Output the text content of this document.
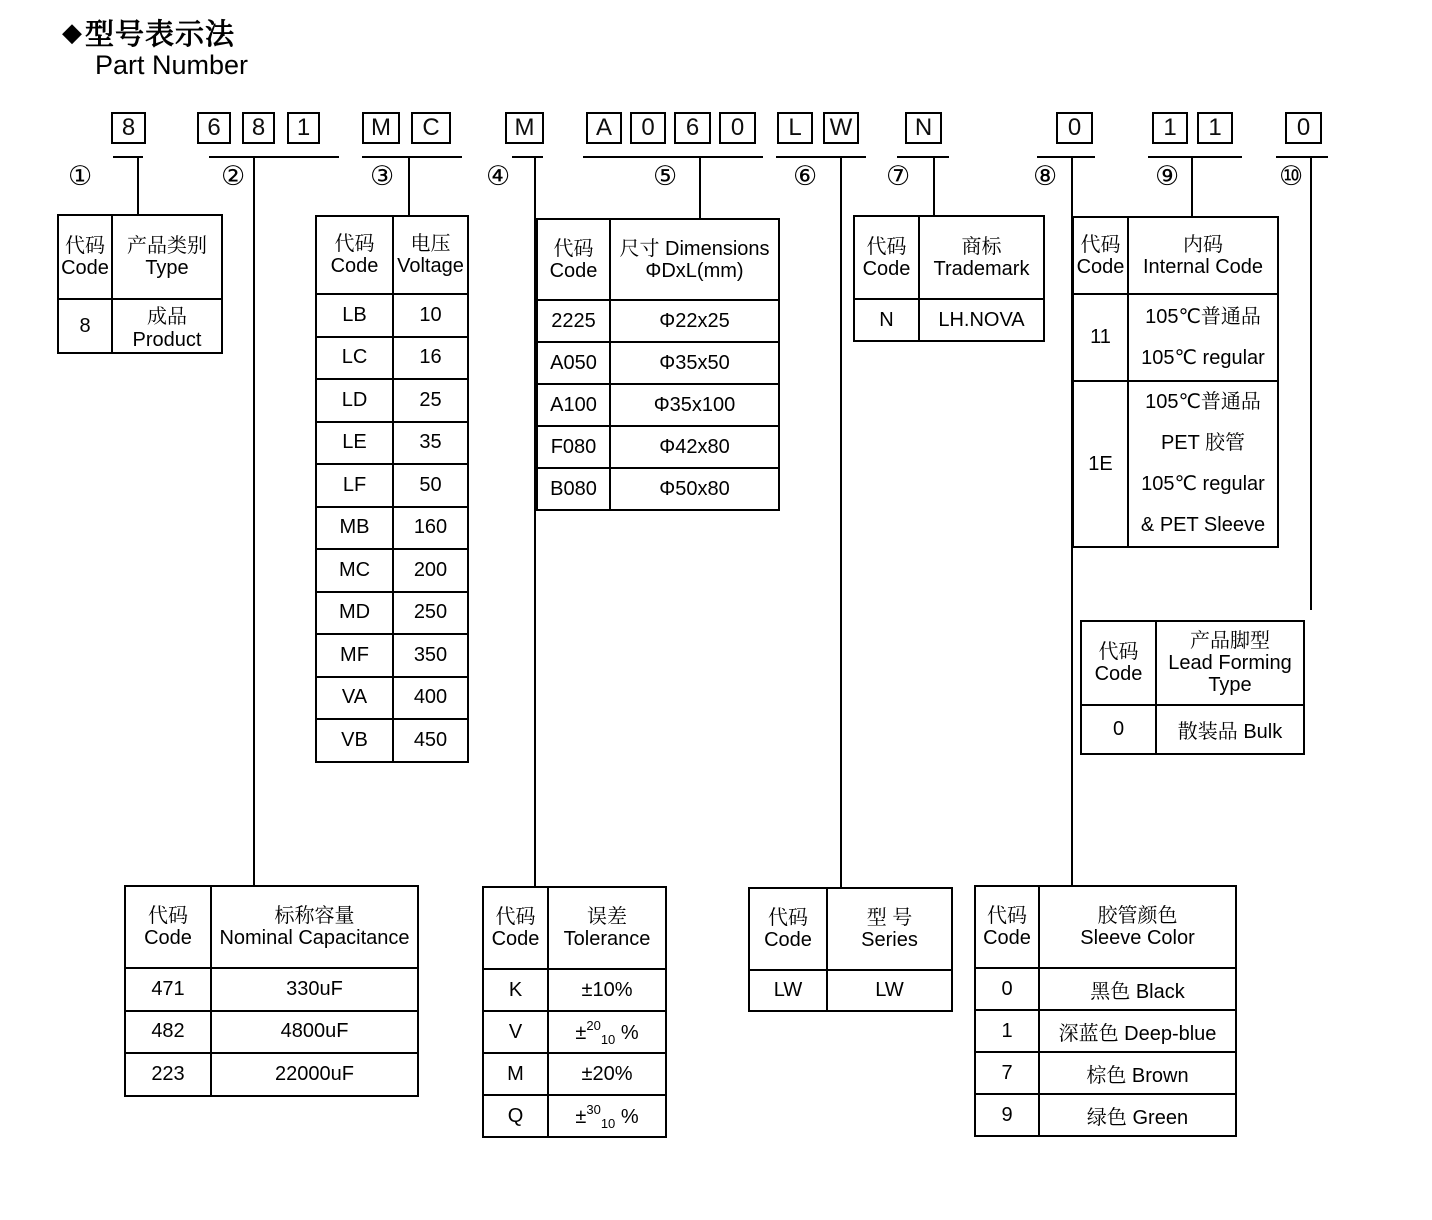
◆ 型号表示法
Part Number
8
①
6	8	1
②
M	C
③
M
④
A	0	6	0
⑤
L	W
⑥
N
⑦
0
⑧
1	1
⑨
0
⑩
代码
Code

产品类别
Type

8	成品 Product
代码
Code

电压
Voltage

LB	10
LC	16
LD	25
LE	35
LF	50
MB	160
MC	200
MD	250
MF	350
VA	400
VB	450
代码
Code

尺寸 Dimensions
ΦDxL(mm)

2225	Φ22x25
A050	Φ35x50
A100	Φ35x100
F080	Φ42x80
B080	Φ50x80
代码
Code

商标
Trademark

N	LH.NOVA
代码
Code

内码
Internal Code

11	105℃普通品
105℃ regular

1E	105℃普通品
PET 胶管
105℃ regular
& PET Sleeve
代码
Code

产品脚型
Lead Forming
Type

0	散装品 Bulk
代码
Code

标称容量
Nominal Capacitance

471	330uF
482	4800uF
223	22000uF
代码
Code

误差
Tolerance

K	±10%
V	±$^{20}_{10}$ %
M	±20%
Q	±$^{30}_{10}$ %
代码
Code

型 号
Series

LW	LW
代码
Code

胶管颜色
Sleeve Color

0	黑色 Black
1	深蓝色 Deep-blue
7	棕色 Brown
9	绿色 Green
